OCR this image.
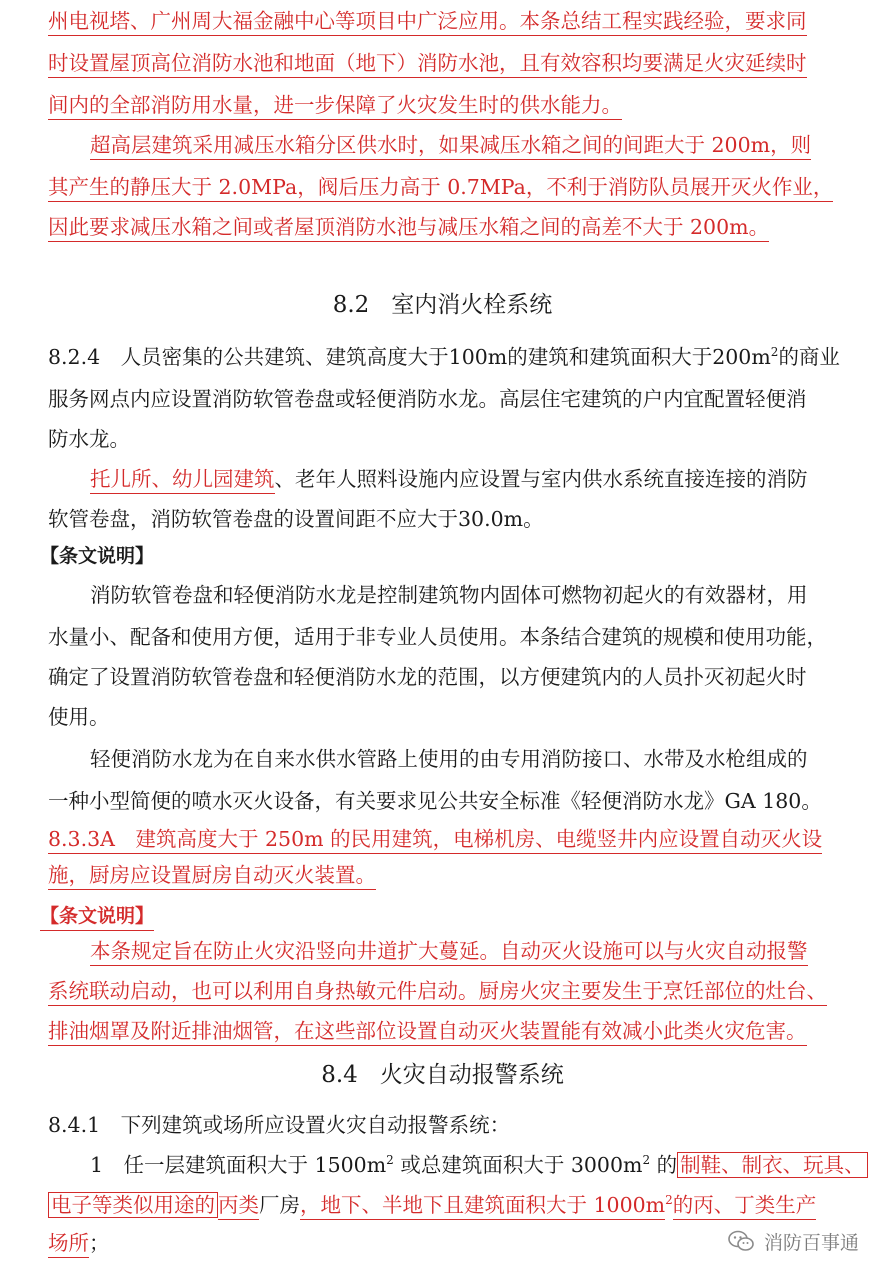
州电视塔、广州周大福金融中心等项目中广泛应用。本条总结工程实践经验，要求同
时设置屋顶高位消防水池和地面（地下）消防水池，且有效容积均要满足火灾延续时
间内的全部消防用水量，进一步保障了火灾发生时的供水能力。
超高层建筑采用减压水箱分区供水时，如果减压水箱之间的间距大于 200m，则
其产生的静压大于 2.0MPa，阀后压力高于 0.7MPa，不利于消防队员展开灭火作业，
因此要求减压水箱之间或者屋顶消防水池与减压水箱之间的高差不大于 200m。
8.2 室内消火栓系统
8.2.4　人员密集的公共建筑、建筑高度大于100m的建筑和建筑面积大于$200m^2$的商业
服务网点内应设置消防软管卷盘或轻便消防水龙。高层住宅建筑的户内宜配置轻便消
防水龙。
托儿所、幼儿园建筑、老年人照料设施内应设置与室内供水系统直接连接的消防
软管卷盘，消防软管卷盘的设置间距不应大于30.0m。
【条文说明】
消防软管卷盘和轻便消防水龙是控制建筑物内固体可燃物初起火的有效器材，用
水量小、配备和使用方便，适用于非专业人员使用。本条结合建筑的规模和使用功能，
确定了设置消防软管卷盘和轻便消防水龙的范围，以方便建筑内的人员扑灭初起火时
使用。
轻便消防水龙为在自来水供水管路上使用的由专用消防接口、水带及水枪组成的
一种小型简便的喷水灭火设备，有关要求见公共安全标准《轻便消防水龙》GA 180。
8.3.3A　建筑高度大于 250m 的民用建筑，电梯机房、电缆竖井内应设置自动灭火设
施，厨房应设置厨房自动灭火装置。
【条文说明】
本条规定旨在防止火灾沿竖向井道扩大蔓延。自动灭火设施可以与火灾自动报警
系统联动启动，也可以利用自身热敏元件启动。厨房火灾主要发生于烹饪部位的灶台、
排油烟罩及附近排油烟管，在这些部位设置自动灭火装置能有效减小此类火灾危害。
8.4 火灾自动报警系统
8.4.1　下列建筑或场所应设置火灾自动报警系统：
1　任一层建筑面积大于 $1500m^2$ 或总建筑面积大于 $3000m^2$ 的 制鞋、制衣、玩具、
电子等类似用途的 丙类厂房，地下、半地下且建筑面积大于 $1000m^2$的丙、丁类生产
场所；	消防百事通
